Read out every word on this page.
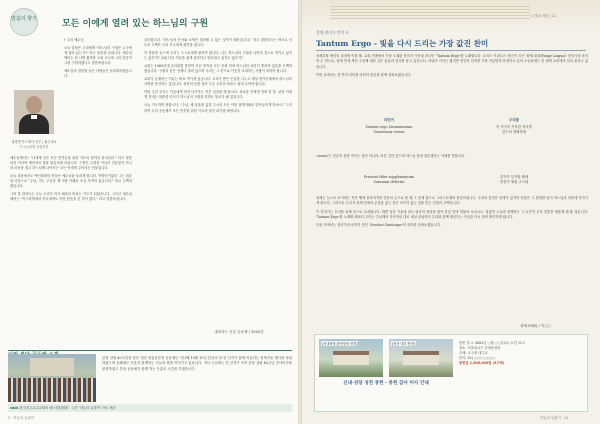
말씀의 향기	모든 이에게 열려 있는 하느님의 구원
권명범 안드레아 신부 | 광주대교구 ○○본당 주임신부

† 주의 예수님

오늘 말씀은 우리에게 "하느님의 구원은 누구에게 열려 있는가?" 라는 물음을 던집니다. 예수님께서는 한 나병 환자를 고쳐 주시며 그의 믿음이 그를 구원하였다고 말씀하십니다.

예수님의 말씀을 들은 사람들은 놀라워하였습니다.

예수님께서는 "나에게 길은 모든 민족들을 위한 기도의 집이라 불리리라." 하고 말씀하신 이사야 예언자의 말을 떠올리게 하십니다. 구원은 특정한 이들의 전유물이 아니라 마음을 열고 하느님께 나아가는 모든 이에게 주어지는 선물입니다.

오늘 복음에서도 백인대장의 믿음은 예수님을 놀라게 합니다. 이방인이었던 그는 겸손한 마음으로 "주님, 저는 주님을 제 지붕 아래로 모실 자격이 없습니다." 하고 고백하였습니다.

그의 말 한마디는 오늘 우리가 미사 때마다 바치는 기도가 되었습니다. 그리고 예수님께서는 "이스라엘에서 아무에게도 이런 믿음을 본 적이 없다." 하고 말씀하십니다.

강조합니다. "하느님의 은사와 소명은 철회될 수 없는 것이기 때문입니다." 하고 말씀하시는 바오로 사도의 고백은 우리 모두에게 희망을 줍니다.

이 말씀을 들으며 우리는 스스로에게 물어야 합니다. 나는 하느님의 구원을 나만의 것으로 여기고 있지는 않은가? 나와 다른 이들을 쉽게 판단하고 밀어내고 있지는 않은가?

교회는 1960년대 공의회를 통하여 모든 민족과 모든 문화 안에 하느님의 씨앗이 뿌려져 있음을 고백하였습니다. 구원의 문은 언제나 열려 있으며 우리는 그 문으로 이웃을 초대하는 사람이 되어야 합니다.

교회가 존재하는 이유는 바로 여기에 있습니다. 우리가 받은 은총을 나누고 세상 한가운데에서 하느님의 사랑을 증언하는 것입니다. 성당의 문을 열어 두듯 우리의 마음도 열어 두어야 합니다.

이번 주간 우리는 이웃에게 먼저 다가가는 작은 실천을 해 봅시다. 외로운 이에게 전화 한 통, 낯선 이에게 건네는 따뜻한 인사가 하느님의 구원을 전하는 통로가 될 것입니다.

오늘 기도하며 청합시다. "주님, 제 마음을 넓혀 주시어 모든 이를 형제자매로 맞아들이게 하소서." 그리하여 우리 공동체가 모든 민족을 위한 기도의 집이 되기를 바랍니다.

대화하는 신앙 공동체 / 2002년
본당 설립 40주년을 맞은 대전 대흥동본당 공동체는 지난해 10월 19일 본당의 날 한 신자가 함께 어울리는 성체거동 행사를 마련하였으며 올해에도 이웃과 함께하는 나눔의 장을 이어가고 있습니다. 지난 주일에는 전 신자가 모여 본당 설립 40주년 감사미사를 봉헌하였고 본당 공동체가 함께 하는 은총의 시간을 가졌습니다.
cbck 한국천주교주교회의 매스컴위원회 · 주간 '하늘의 길잡이' 자료 제공
2 · 하늘의 길잡이
그 빛을 따라 | 11
성체 찬미가 번역 ③
Tantum Ergo - 빛을 다시 드리는 가장 값진 찬미

성체강복 예식의 절정에 이를 때, 교회 전례에서 가장 오래된 찬미가 가운데 하나인 "Tantum Ergo"를 노래합니다. 토마스 아퀴나스 성인이 지은 '팡제 링과(Pange Lingua)' 찬미가의 마지막 두 연으로, 성체 안에 계신 주님께 대한 깊은 흠숭과 감사를 담고 있습니다. 라틴어 가사는 짧지만 신앙의 신비를 가장 아름답게 표현하고 있어 오늘날에도 전 세계 교회에서 널리 불리고 있습니다.

이번 호에서는 첫 연의 의미를 라틴어 원문과 함께 살펴보겠습니다.

라틴어
Tantum ergo Sacramentum
Veneremur cernui
우리말
이 지극히 거룩한 성사를
엎드려 경배하세

'cernui'는 단순히 몸을 숙이는 것이 아니라, 마음 깊이 엎드려 하느님 앞에 겸손해지는 자세를 뜻합니다.

Praestet fides supplementum
Sensuum defectui
감각이 부족할 때에
믿음이 채워 주시네

성체는 눈으로 보기에는 작은 빵에 불과하지만 믿음의 눈으로 볼 때 그 안에 참으로 그리스도께서 현존하십니다. 우리의 감각은 한계가 있지만 믿음은 그 한계를 넘어 하느님의 신비에 다가가게 합니다. 그러므로 우리가 성체 앞에서 무릎을 꿇는 것은 보이지 않는 것을 믿는 신앙의 고백입니다.

이 찬미가는 우리를 성체 앞으로 초대합니다. 바쁜 일상 가운데 잠시 멈추어 성당을 찾아 감실 앞에 머물러 보십시오. 말없이 주님과 함께하는 그 시간이 우리 영혼을 새롭게 해 줄 것입니다. 'Tantum Ergo'를 노래할 때마다 우리는 주님께서 약속하신 대로 세상 끝날까지 우리와 함께 계신다는 사실을 다시 한번 확인하게 됩니다.

다음 호에서는 찬미가의 마지막 연인 'Genitori Genitoque'의 의미를 살펴보겠습니다.

성체조배회 / 이○○
[신내성당-봉헌성당 전경]	[성전 내부 봉헌]
신내·성당 성전 봉헌 · 봉헌 감사 미사 안내
봉헌 일시: 2002년 ○월 ○○일(토) 오전 11시
장소: 서울대교구 신내동성당
주례: 교구장 대주교
문의: 02) ○○○-○○○○
봉헌금 1,500,000원 (3구좌)
하늘의 길잡이 · 11
